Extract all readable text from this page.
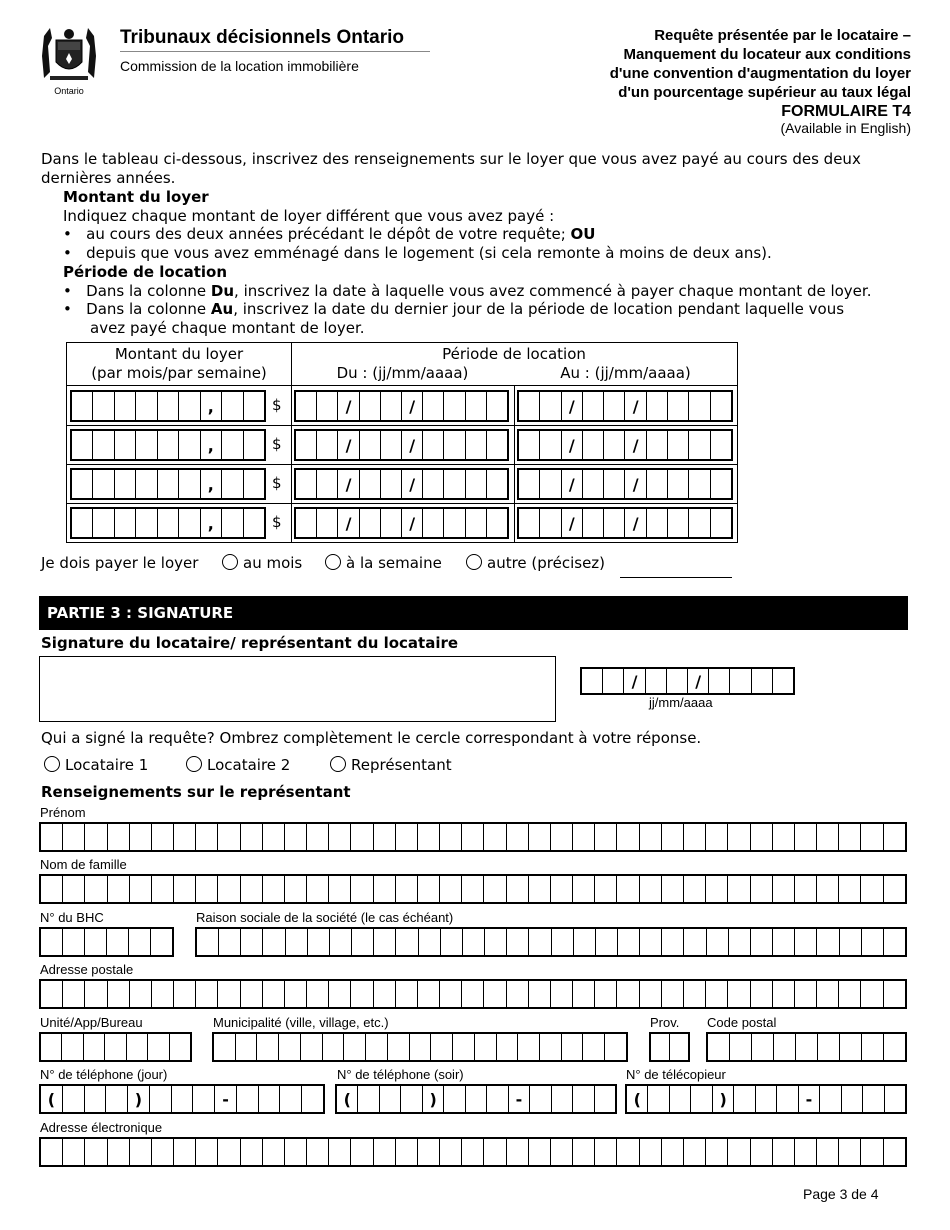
Ontario
Tribunaux décisionnels Ontario
Commission de la location immobilière
Requête présentée par le locataire –
Manquement du locateur aux conditions
d'une convention d'augmentation du loyer
d'un pourcentage supérieur au taux légal
FORMULAIRE T4
(Available in English)
Dans le tableau ci-dessous, inscrivez des renseignements sur le loyer que vous avez payé au cours des deux dernières années.
Montant du loyer
Indiquez chaque montant de loyer différent que vous avez payé :
•   au cours des deux années précédant le dépôt de votre requête; OU
•   depuis que vous avez emménagé dans le logement (si cela remonte à moins de deux ans).
Période de location
•   Dans la colonne Du, inscrivez la date à laquelle vous avez commencé à payer chaque montant de loyer.
•   Dans la colonne Au, inscrivez la date du dernier jour de la période de location pendant laquelle vous
avez payé chaque montant de loyer.
Montant du loyer
(par mois/par semaine)
Période de location
Du : (jj/mm/aaaa)	Au : (jj/mm/aaaa)
,	$	/	/	/	/
,	$	/	/	/	/
,	$	/	/	/	/
,	$	/	/	/	/
Je dois payer le loyer	au mois	à la semaine	autre (précisez)
PARTIE 3 : SIGNATURE
Signature du locataire/ représentant du locataire
/	/
jj/mm/aaaa
Qui a signé la requête? Ombrez complètement le cercle correspondant à votre réponse.
Locataire 1	Locataire 2	Représentant
Renseignements sur le représentant
Prénom
Nom de famille
N° du BHC	Raison sociale de la société (le cas échéant)
Adresse postale
Unité/App/Bureau	Municipalité (ville, village, etc.)	Prov. Code postal
N° de téléphone (jour)	N° de téléphone (soir)	N° de télécopieur
Adresse électronique
(	)	-	(	)	-	(	)	-
Page 3 de 4
